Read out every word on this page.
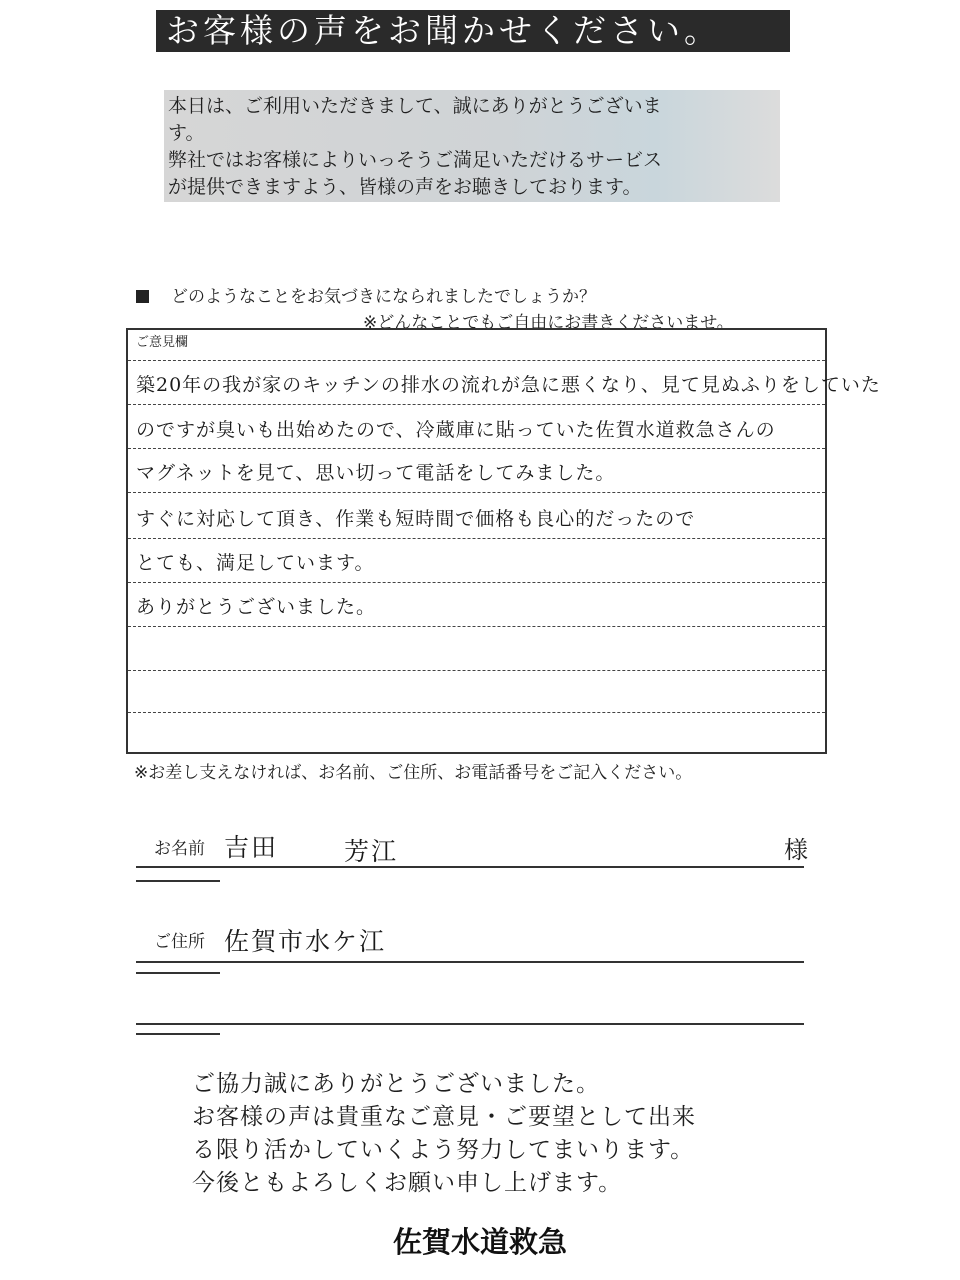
お客様の声をお聞かせください。
本日は、ご利用いただきまして、誠にありがとうございま
す。
弊社ではお客様によりいっそうご満足いただけるサービス
が提供できますよう、皆様の声をお聴きしております。
どのようなことをお気づきになられましたでしょうか？
※どんなことでもご自由にお書きくださいませ。
ご意見欄
築20年の我が家のキッチンの排水の流れが急に悪くなり、見て見ぬふりをしていた
のですが臭いも出始めたので、冷蔵庫に貼っていた佐賀水道救急さんの
マグネットを見て、思い切って電話をしてみました。
すぐに対応して頂き、作業も短時間で価格も良心的だったので
とても、満足しています。
ありがとうございました。
※お差し支えなければ、お名前、ご住所、お電話番号をご記入ください。
お名前 吉田	芳江	様
ご住所 佐賀市水ケ江
ご協力誠にありがとうございました。
お客様の声は貴重なご意見・ご要望として出来
る限り活かしていくよう努力してまいります。
今後ともよろしくお願い申し上げます。
佐賀水道救急
